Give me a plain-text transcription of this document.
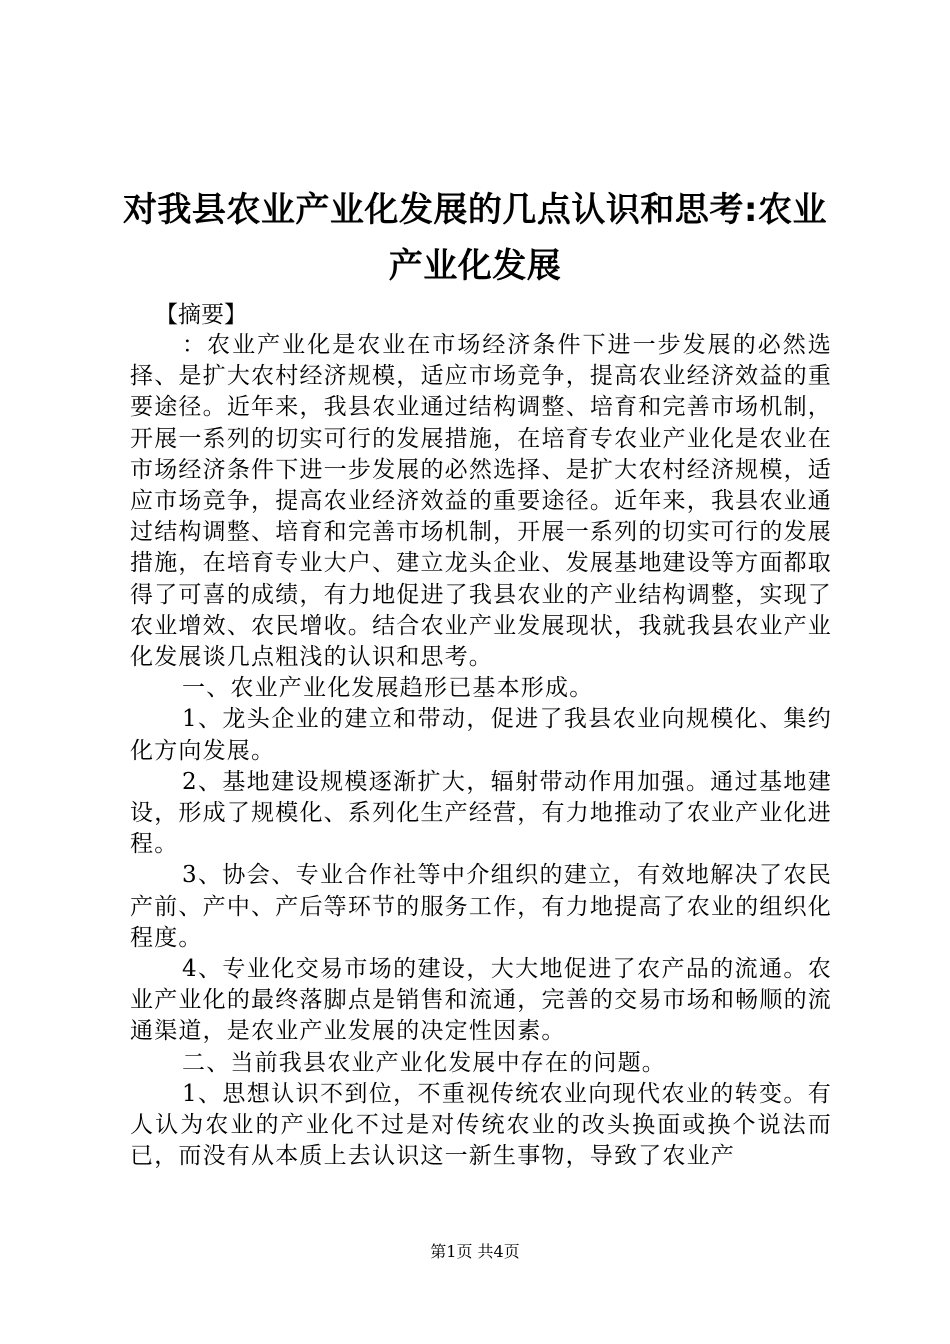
对我县农业产业化发展的几点认识和思考:农业产业化发展

【摘要】

：农业产业化是农业在市场经济条件下进一步发展的必然选择、是扩大农村经济规模，适应市场竞争，提高农业经济效益的重要途径。近年来，我县农业通过结构调整、培育和完善市场机制，开展一系列的切实可行的发展措施，在培育专农业产业化是农业在市场经济条件下进一步发展的必然选择、是扩大农村经济规模，适应市场竞争，提高农业经济效益的重要途径。近年来，我县农业通过结构调整、培育和完善市场机制，开展一系列的切实可行的发展措施，在培育专业大户、建立龙头企业、发展基地建设等方面都取得了可喜的成绩，有力地促进了我县农业的产业结构调整，实现了农业增效、农民增收。结合农业产业发展现状，我就我县农业产业化发展谈几点粗浅的认识和思考。

一、农业产业化发展趋形已基本形成。

1、龙头企业的建立和带动，促进了我县农业向规模化、集约化方向发展。

2、基地建设规模逐渐扩大，辐射带动作用加强。通过基地建设，形成了规模化、系列化生产经营，有力地推动了农业产业化进程。

3、协会、专业合作社等中介组织的建立，有效地解决了农民产前、产中、产后等环节的服务工作，有力地提高了农业的组织化程度。

4、专业化交易市场的建设，大大地促进了农产品的流通。农业产业化的最终落脚点是销售和流通，完善的交易市场和畅顺的流通渠道，是农业产业发展的决定性因素。

二、当前我县农业产业化发展中存在的问题。

1、思想认识不到位，不重视传统农业向现代农业的转变。有人认为农业的产业化不过是对传统农业的改头换面或换个说法而已，而没有从本质上去认识这一新生事物，导致了农业产

第1页 共4页
